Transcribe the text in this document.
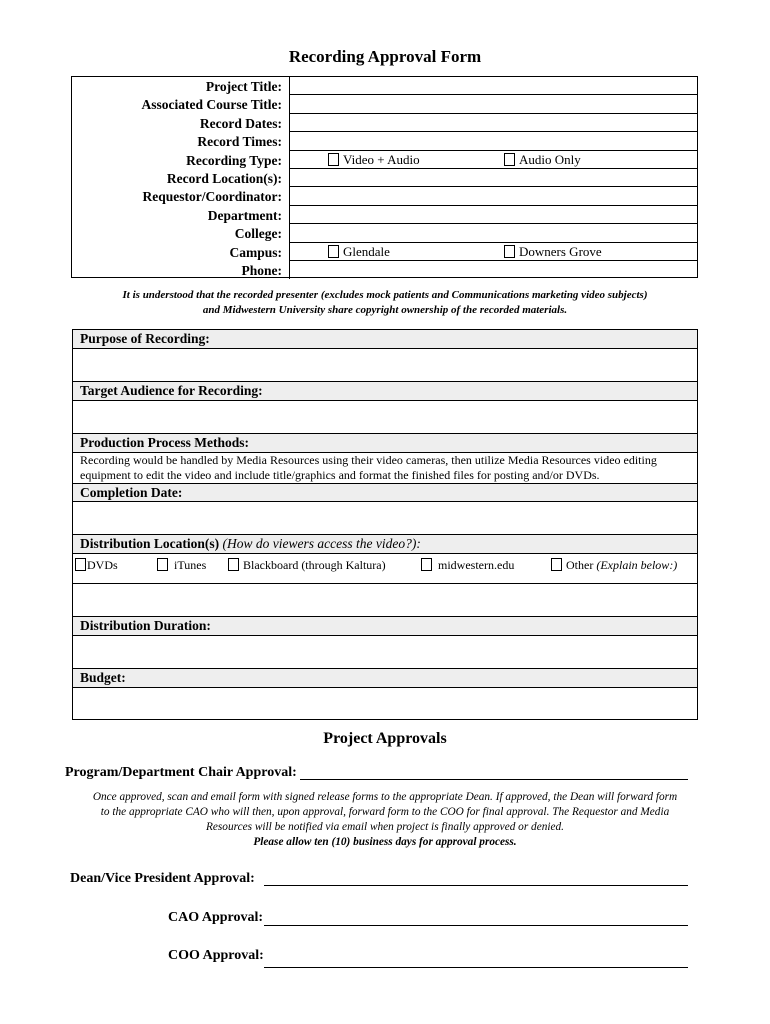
Recording Approval Form
Project Title:
Associated Course Title:
Record Dates:
Record Times:
Recording Type:	Video + Audio	Audio Only
Record Location(s):
Requestor/Coordinator:
Department:
College:
Campus:	Glendale	Downers Grove
Phone:
It is understood that the recorded presenter (excludes mock patients and Communications marketing video subjects)
and Midwestern University share copyright ownership of the recorded materials.
Purpose of Recording:
Target Audience for Recording:
Production Process Methods:
Recording would be handled by Media Resources using their video cameras, then utilize Media Resources video editing equipment to edit the video and include title/graphics and format the finished files for posting and/or DVDs.
Completion Date:
Distribution Location(s) (How do viewers access the video?):
DVDs	iTunes	Blackboard (through Kaltura)	midwestern.edu	Other (Explain below:)
Distribution Duration:
Budget:
Project Approvals
Program/Department Chair Approval:
Once approved, scan and email form with signed release forms to the appropriate Dean. If approved, the Dean will forward form
to the appropriate CAO who will then, upon approval, forward form to the COO for final approval. The Requestor and Media
Resources will be notified via email when project is finally approved or denied.
Please allow ten (10) business days for approval process.
Dean/Vice President Approval:
CAO Approval:
COO Approval:
